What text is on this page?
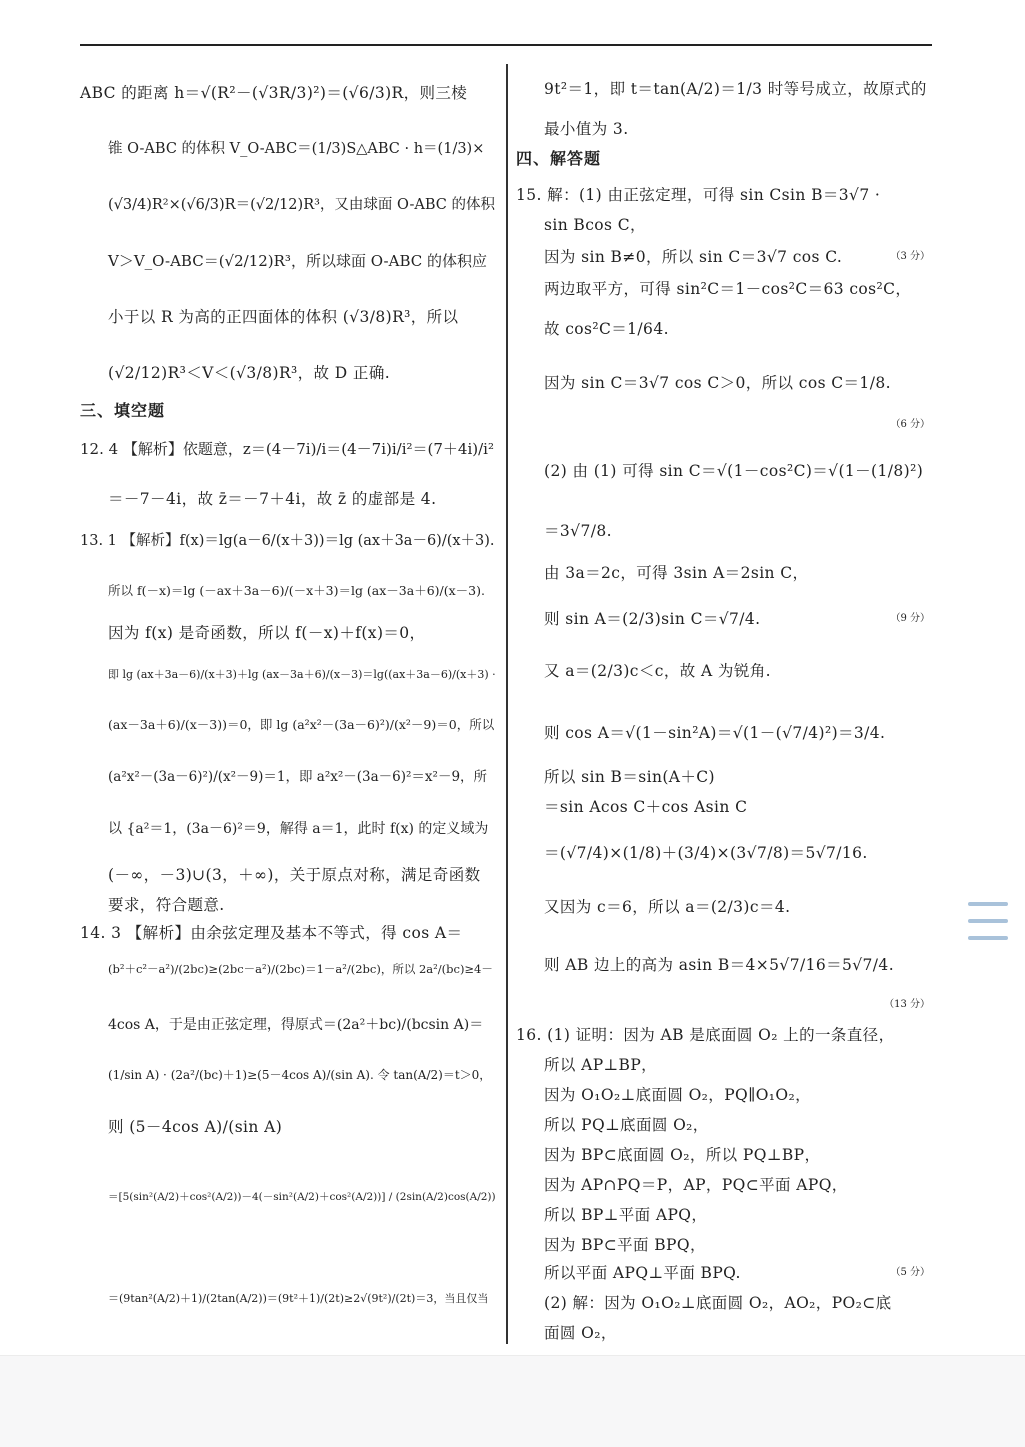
ABC 的距离 h＝√(R²－(√3R/3)²)＝(√6/3)R，则三棱
锥 O-ABC 的体积 V_O-ABC＝(1/3)S△ABC · h＝(1/3)×
(√3/4)R²×(√6/3)R＝(√2/12)R³，又由球面 O-ABC 的体积
V＞V_O-ABC＝(√2/12)R³，所以球面 O-ABC 的体积应
小于以 R 为高的正四面体的体积 (√3/8)R³，所以
(√2/12)R³＜V＜(√3/8)R³，故 D 正确.
三、填空题
12. 4 【解析】依题意，z＝(4－7i)/i＝(4－7i)i/i²＝(7＋4i)/i²
＝－7－4i，故 z̄＝－7＋4i，故 z̄ 的虚部是 4.
13. 1 【解析】f(x)＝lg(a－6/(x＋3))＝lg (ax＋3a－6)/(x＋3).
所以 f(－x)＝lg (－ax＋3a－6)/(－x＋3)＝lg (ax－3a＋6)/(x－3).
因为 f(x) 是奇函数，所以 f(－x)＋f(x)＝0，
即 lg (ax＋3a－6)/(x＋3)＋lg (ax－3a＋6)/(x－3)＝lg((ax＋3a－6)/(x＋3) ·
(ax－3a＋6)/(x－3))＝0，即 lg (a²x²－(3a－6)²)/(x²－9)＝0，所以
(a²x²－(3a－6)²)/(x²－9)＝1，即 a²x²－(3a－6)²＝x²－9，所
以 {a²＝1，(3a－6)²＝9，解得 a＝1，此时 f(x) 的定义域为
(－∞，－3)∪(3，＋∞)，关于原点对称，满足奇函数
要求，符合题意.
14. 3 【解析】由余弦定理及基本不等式，得 cos A＝
(b²＋c²－a²)/(2bc)≥(2bc－a²)/(2bc)＝1－a²/(2bc)，所以 2a²/(bc)≥4－
4cos A，于是由正弦定理，得原式＝(2a²＋bc)/(bcsin A)＝
(1/sin A) · (2a²/(bc)＋1)≥(5－4cos A)/(sin A). 令 tan(A/2)＝t＞0，
则 (5－4cos A)/(sin A)
＝[5(sin²(A/2)＋cos²(A/2))－4(－sin²(A/2)＋cos²(A/2))] / (2sin(A/2)cos(A/2))
＝(9tan²(A/2)＋1)/(2tan(A/2))＝(9t²＋1)/(2t)≥2√(9t²)/(2t)＝3，当且仅当
9t²＝1，即 t＝tan(A/2)＝1/3 时等号成立，故原式的
最小值为 3.
四、解答题
15. 解：(1) 由正弦定理，可得 sin Csin B＝3√7 ·
sin Bcos C，
因为 sin B≠0，所以 sin C＝3√7 cos C.	（3 分）
两边取平方，可得 sin²C＝1－cos²C＝63 cos²C，
故 cos²C＝1/64.
因为 sin C＝3√7 cos C＞0，所以 cos C＝1/8.
（6 分）
(2) 由 (1) 可得 sin C＝√(1－cos²C)＝√(1－(1/8)²)
＝3√7/8.
由 3a＝2c，可得 3sin A＝2sin C，
则 sin A＝(2/3)sin C＝√7/4.	（9 分）
又 a＝(2/3)c＜c，故 A 为锐角.
则 cos A＝√(1－sin²A)＝√(1－(√7/4)²)＝3/4.
所以 sin B＝sin(A＋C)
＝sin Acos C＋cos Asin C
＝(√7/4)×(1/8)＋(3/4)×(3√7/8)＝5√7/16.
又因为 c＝6，所以 a＝(2/3)c＝4.
则 AB 边上的高为 asin B＝4×5√7/16＝5√7/4.
（13 分）
16. (1) 证明：因为 AB 是底面圆 O₂ 上的一条直径，
所以 AP⊥BP，
因为 O₁O₂⊥底面圆 O₂，PQ∥O₁O₂，
所以 PQ⊥底面圆 O₂，
因为 BP⊂底面圆 O₂，所以 PQ⊥BP，
因为 AP∩PQ＝P，AP，PQ⊂平面 APQ，
所以 BP⊥平面 APQ，
因为 BP⊂平面 BPQ，
所以平面 APQ⊥平面 BPQ.	（5 分）
(2) 解：因为 O₁O₂⊥底面圆 O₂，AO₂，PO₂⊂底
面圆 O₂，
